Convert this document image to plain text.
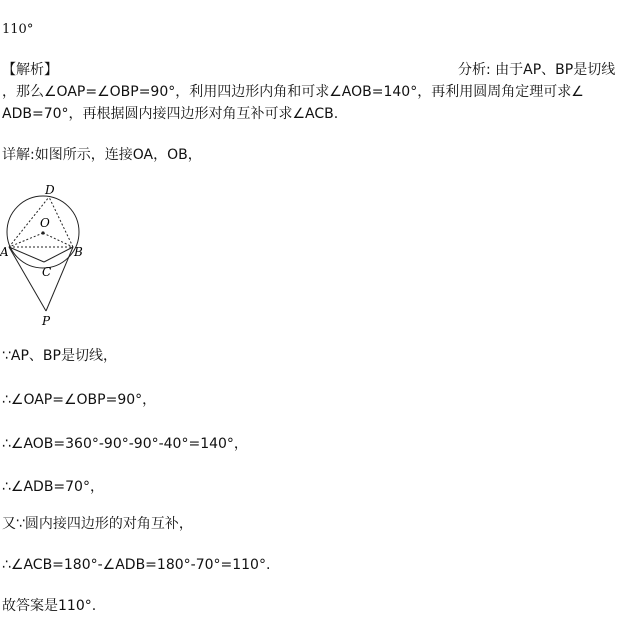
110°
【解析】	分析: 由于AP、BP是切线
，那么∠OAP=∠OBP=90°，利用四边形内角和可求∠AOB=140°，再利用圆周角定理可求∠
ADB=70°，再根据圆内接四边形对角互补可求∠ACB.
详解:如图所示，连接OA，OB，
D
O
A	B
C
P
∵AP、BP是切线，
∴∠OAP=∠OBP=90°，
∴∠AOB=360°-90°-90°-40°=140°，
∴∠ADB=70°，
又∵圆内接四边形的对角互补，
∴∠ACB=180°-∠ADB=180°-70°=110°.
故答案是110°.
